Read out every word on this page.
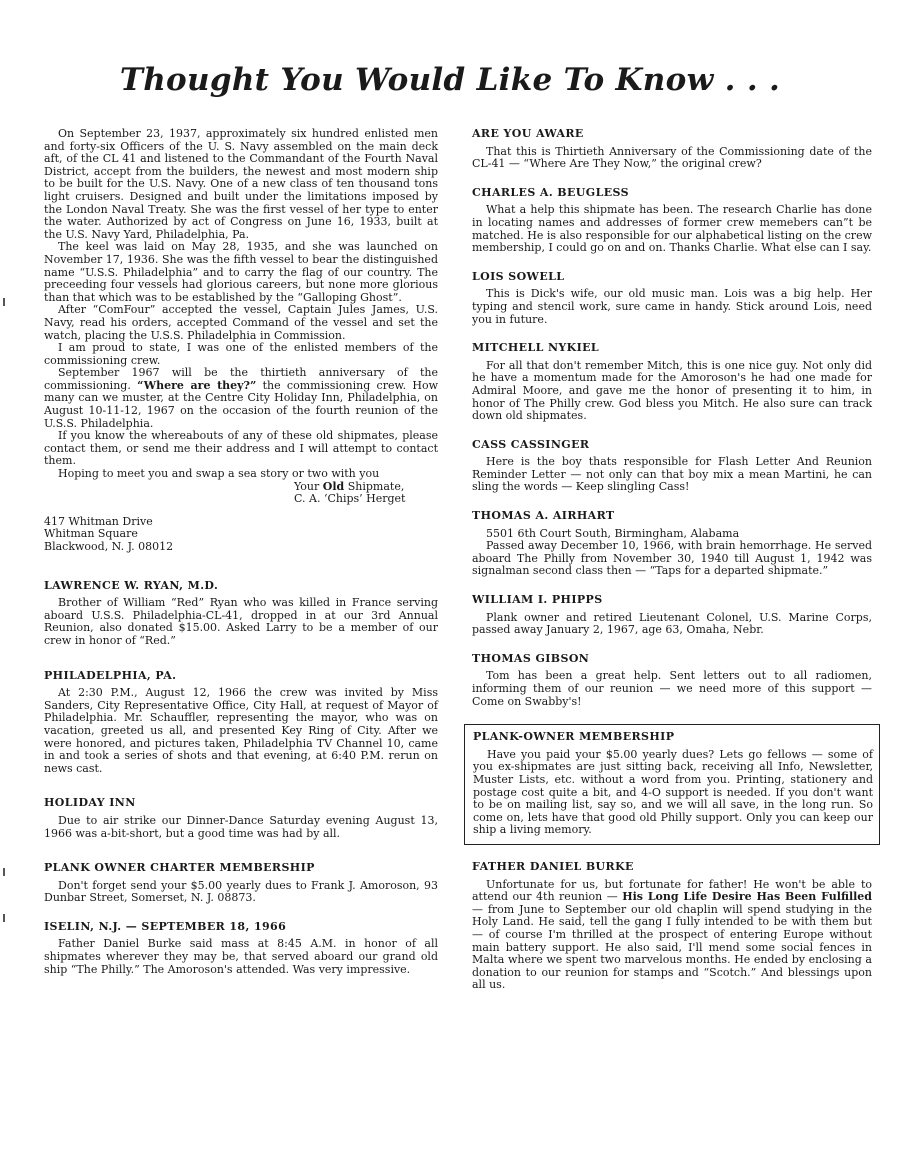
Thought You Would Like To Know . . .

On September 23, 1937, approximately six hundred enlisted men and forty-six Officers of the U. S. Navy assembled on the main deck aft, of the CL 41 and listened to the Commandant of the Fourth Naval District, accept from the builders, the newest and most modern ship to be built for the U.S. Navy. One of a new class of ten thousand tons light cruisers. Designed and built under the limitations imposed by the London Naval Treaty. She was the first vessel of her type to enter the water. Authorized by act of Congress on June 16, 1933, built at the U.S. Navy Yard, Philadelphia, Pa.

The keel was laid on May 28, 1935, and she was launched on November 17, 1936. She was the fifth vessel to bear the distinguished name “U.S.S. Philadelphia” and to carry the flag of our country. The preceeding four vessels had glorious careers, but none more glorious than that which was to be established by the “Galloping Ghost”.

After “ComFour” accepted the vessel, Captain Jules James, U.S. Navy, read his orders, accepted Command of the vessel and set the watch, placing the U.S.S. Philadelphia in Commission.

I am proud to state, I was one of the enlisted members of the commissioning crew.

September 1967 will be the thirtieth anniversary of the commissioning. “Where are they?” the commissioning crew. How many can we muster, at the Centre City Holiday Inn, Philadelphia, on August 10-11-12, 1967 on the occasion of the fourth reunion of the U.S.S. Philadelphia.

If you know the whereabouts of any of these old shipmates, please contact them, or send me their address and I will attempt to contact them.

Hoping to meet you and swap a sea story or two with you

Your Old Shipmate,

C. A. ‘Chips’ Herget

417 Whitman Drive
Whitman Square
Blackwood, N. J. 08012
LAWRENCE W. RYAN, M.D.

Brother of William “Red” Ryan who was killed in France serving aboard U.S.S. Philadelphia-CL-41, dropped in at our 3rd Annual Reunion, also donated $15.00. Asked Larry to be a member of our crew in honor of “Red.”

PHILADELPHIA, PA.

At 2:30 P.M., August 12, 1966 the crew was invited by Miss Sanders, City Representative Office, City Hall, at request of Mayor of Philadelphia. Mr. Schauffler, representing the mayor, who was on vacation, greeted us all, and presented Key Ring of City. After we were honored, and pictures taken, Philadelphia TV Channel 10, came in and took a series of shots and that evening, at 6:40 P.M. rerun on news cast.

HOLIDAY INN

Due to air strike our Dinner-Dance Saturday evening August 13, 1966 was a-bit-short, but a good time was had by all.

PLANK OWNER CHARTER MEMBERSHIP

Don't forget send your $5.00 yearly dues to Frank J. Amoroson, 93 Dunbar Street, Somerset, N. J. 08873.

ISELIN, N.J. — SEPTEMBER 18, 1966

Father Daniel Burke said mass at 8:45 A.M. in honor of all shipmates wherever they may be, that served aboard our grand old ship “The Philly.” The Amoroson's attended. Was very impressive.

ARE YOU AWARE

That this is Thirtieth Anniversary of the Commissioning date of the CL-41 — “Where Are They Now,” the original crew?

CHARLES A. BEUGLESS

What a help this shipmate has been. The research Charlie has done in locating names and addresses of former crew memebers can”t be matched. He is also responsible for our alphabetical listing on the crew membership, I could go on and on. Thanks Charlie. What else can I say.

LOIS SOWELL

This is Dick's wife, our old music man. Lois was a big help. Her typing and stencil work, sure came in handy. Stick around Lois, need you in future.

MITCHELL NYKIEL

For all that don't remember Mitch, this is one nice guy. Not only did he have a momentum made for the Amoroson's he had one made for Admiral Moore, and gave me the honor of presenting it to him, in honor of The Philly crew. God bless you Mitch. He also sure can track down old shipmates.

CASS CASSINGER

Here is the boy thats responsible for Flash Letter And Reunion Reminder Letter — not only can that boy mix a mean Martini, he can sling the words — Keep slingling Cass!

THOMAS A. AIRHART

5501 6th Court South, Birmingham, Alabama

Passed away December 10, 1966, with brain hemorrhage. He served aboard The Philly from November 30, 1940 till August 1, 1942 was signalman second class then — “Taps for a departed shipmate.”

WILLIAM I. PHIPPS

Plank owner and retired Lieutenant Colonel, U.S. Marine Corps, passed away January 2, 1967, age 63, Omaha, Nebr.

THOMAS GIBSON

Tom has been a great help. Sent letters out to all radiomen, informing them of our reunion — we need more of this support — Come on Swabby's!

PLANK-OWNER MEMBERSHIP

Have you paid your $5.00 yearly dues? Lets go fellows — some of you ex-shipmates are just sitting back, receiving all Info, Newsletter, Muster Lists, etc. without a word from you. Printing, stationery and postage cost quite a bit, and 4-O support is needed. If you don't want to be on mailing list, say so, and we will all save, in the long run. So come on, lets have that good old Philly support. Only you can keep our ship a living memory.

FATHER DANIEL BURKE

Unfortunate for us, but fortunate for father! He won't be able to attend our 4th reunion — His Long Life Desire Has Been Fulfilled — from June to September our old chaplin will spend studying in the Holy Land. He said, tell the gang I fully intended to be with them but — of course I'm thrilled at the prospect of entering Europe without main battery support. He also said, I'll mend some social fences in Malta where we spent two marvelous months. He ended by enclosing a donation to our reunion for stamps and “Scotch.” And blessings upon all us.
